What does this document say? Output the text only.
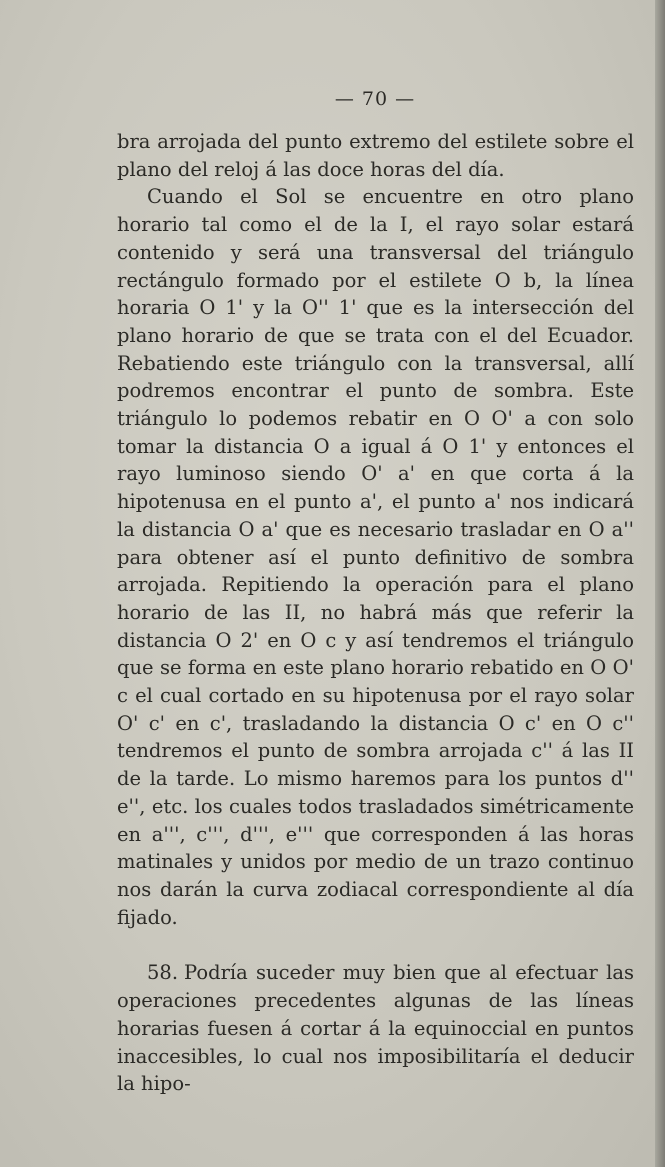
— 70 —

bra arrojada del punto extremo del estilete sobre el plano del reloj á las doce horas del día.

Cuando el Sol se encuentre en otro plano horario tal como el de la I, el rayo solar estará contenido y será una transversal del triángulo rectángulo formado por el estilete O b, la línea horaria O 1' y la O'' 1' que es la intersección del plano horario de que se trata con el del Ecuador. Rebatiendo este triángulo con la transversal, allí podremos encontrar el punto de sombra. Este triángulo lo podemos rebatir en O O' a con solo tomar la distancia O a igual á O 1' y entonces el rayo luminoso siendo O' a' en que corta á la hipotenusa en el punto a', el punto a' nos indicará la distancia O a' que es necesario trasladar en O a'' para obtener así el punto definitivo de sombra arrojada. Repitiendo la operación para el plano horario de las II, no habrá más que referir la distancia O 2' en O c y así tendremos el triángulo que se forma en este plano horario rebatido en O O' c el cual cortado en su hipotenusa por el rayo solar O' c' en c', trasladando la distancia O c' en O c'' tendremos el punto de sombra arrojada c'' á las II de la tarde. Lo mismo haremos para los puntos d'' e'', etc. los cuales todos trasladados simétricamente en a''', c''', d''', e''' que corresponden á las horas matinales y unidos por medio de un trazo continuo nos darán la curva zodiacal correspondiente al día fijado.

58. Podría suceder muy bien que al efectuar las operaciones precedentes algunas de las líneas horarias fuesen á cortar á la equinoccial en puntos inaccesibles, lo cual nos imposibilitaría el deducir la hipo-
